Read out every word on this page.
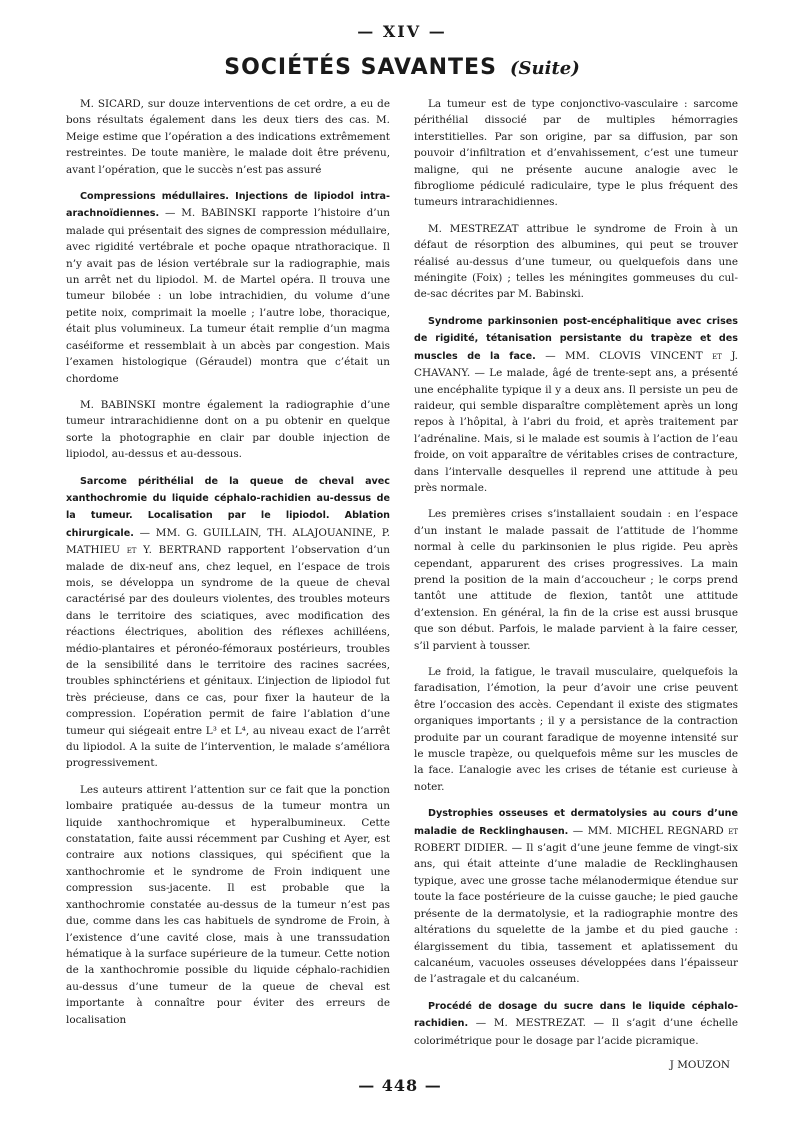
— XIV —
SOCIÉTÉS SAVANTES (Suite)

M. SICARD, sur douze interventions de cet ordre, a eu de bons résultats également dans les deux tiers des cas. M. Meige estime que l’opération a des indications extrêmement restreintes. De toute manière, le malade doit être prévenu, avant l’opération, que le succès n’est pas assuré

Compressions médullaires. Injections de lipiodol intra-arachnoïdiennes. — M. BABINSKI rapporte l’histoire d’un malade qui présentait des signes de compression médullaire, avec rigidité vertébrale et poche opaque ntrathoracique. Il n’y avait pas de lésion vertébrale sur la radiographie, mais un arrêt net du lipiodol. M. de Martel opéra. Il trouva une tumeur bilobée : un lobe intrachidien, du volume d’une petite noix, comprimait la moelle ; l’autre lobe, thoracique, était plus volumineux. La tumeur était remplie d’un magma caséiforme et ressemblait à un abcès par congestion. Mais l’examen histologique (Géraudel) montra que c’était un chordome

M. BABINSKI montre également la radiographie d’une tumeur intrarachidienne dont on a pu obtenir en quelque sorte la photographie en clair par double injection de lipiodol, au-dessus et au-dessous.

Sarcome périthélial de la queue de cheval avec xanthochromie du liquide céphalo-rachidien au-dessus de la tumeur. Localisation par le lipiodol. Ablation chirurgicale. — MM. G. GUILLAIN, TH. ALAJOUANINE, P. MATHIEU et Y. BERTRAND rapportent l’observation d’un malade de dix-neuf ans, chez lequel, en l’espace de trois mois, se développa un syndrome de la queue de cheval caractérisé par des douleurs violentes, des troubles moteurs dans le territoire des sciatiques, avec modification des réactions électriques, abolition des réflexes achilléens, médio-plantaires et péronéo-fémoraux postérieurs, troubles de la sensibilité dans le territoire des racines sacrées, troubles sphinctériens et génitaux. L’injection de lipiodol fut très précieuse, dans ce cas, pour fixer la hauteur de la compression. L’opération permit de faire l’ablation d’une tumeur qui siégeait entre L³ et L⁴, au niveau exact de l’arrêt du lipiodol. A la suite de l’intervention, le malade s’améliora progressivement.

Les auteurs attirent l’attention sur ce fait que la ponction lombaire pratiquée au-dessus de la tumeur montra un liquide xanthochromique et hyperalbumineux. Cette constatation, faite aussi récemment par Cushing et Ayer, est contraire aux notions classiques, qui spécifient que la xanthochromie et le syndrome de Froin indiquent une compression sus-jacente. Il est probable que la xanthochromie constatée au-dessus de la tumeur n’est pas due, comme dans les cas habituels de syndrome de Froin, à l’existence d’une cavité close, mais à une transsudation hématique à la surface supérieure de la tumeur. Cette notion de la xanthochromie possible du liquide céphalo-rachidien au-dessus d’une tumeur de la queue de cheval est importante à connaître pour éviter des erreurs de localisation

La tumeur est de type conjonctivo-vasculaire : sarcome périthélial dissocié par de multiples hémorragies interstitielles. Par son origine, par sa diffusion, par son pouvoir d’infiltration et d’envahissement, c’est une tumeur maligne, qui ne présente aucune analogie avec le fibrogliome pédiculé radiculaire, type le plus fréquent des tumeurs intrarachidiennes.

M. MESTREZAT attribue le syndrome de Froin à un défaut de résorption des albumines, qui peut se trouver réalisé au-dessus d’une tumeur, ou quelquefois dans une méningite (Foix) ; telles les méningites gommeuses du cul-de-sac décrites par M. Babinski.

Syndrome parkinsonien post-encéphalitique avec crises de rigidité, tétanisation persistante du trapèze et des muscles de la face. — MM. CLOVIS VINCENT et J. CHAVANY. — Le malade, âgé de trente-sept ans, a présenté une encéphalite typique il y a deux ans. Il persiste un peu de raideur, qui semble disparaître complètement après un long repos à l’hôpital, à l’abri du froid, et après traitement par l’adrénaline. Mais, si le malade est soumis à l’action de l’eau froide, on voit apparaître de véritables crises de contracture, dans l’intervalle desquelles il reprend une attitude à peu près normale.

Les premières crises s’installaient soudain : en l’espace d’un instant le malade passait de l’attitude de l’homme normal à celle du parkinsonien le plus rigide. Peu après cependant, apparurent des crises progressives. La main prend la position de la main d’accoucheur ; le corps prend tantôt une attitude de flexion, tantôt une attitude d’extension. En général, la fin de la crise est aussi brusque que son début. Parfois, le malade parvient à la faire cesser, s’il parvient à tousser.

Le froid, la fatigue, le travail musculaire, quelquefois la faradisation, l’émotion, la peur d’avoir une crise peuvent être l’occasion des accès. Cependant il existe des stigmates organiques importants ; il y a persistance de la contraction produite par un courant faradique de moyenne intensité sur le muscle trapèze, ou quelquefois même sur les muscles de la face. L’analogie avec les crises de tétanie est curieuse à noter.

Dystrophies osseuses et dermatolysies au cours d’une maladie de Recklinghausen. — MM. MICHEL REGNARD et ROBERT DIDIER. — Il s’agit d’une jeune femme de vingt-six ans, qui était atteinte d’une maladie de Recklinghausen typique, avec une grosse tache mélanodermique étendue sur toute la face postérieure de la cuisse gauche; le pied gauche présente de la dermatolysie, et la radiographie montre des altérations du squelette de la jambe et du pied gauche : élargissement du tibia, tassement et aplatissement du calcanéum, vacuoles osseuses développées dans l’épaisseur de l’astragale et du calcanéum.

Procédé de dosage du sucre dans le liquide céphalo-rachidien. — M. MESTREZAT. — Il s’agit d’une échelle colorimétrique pour le dosage par l’acide picramique.

J MOUZON
— 448 —
